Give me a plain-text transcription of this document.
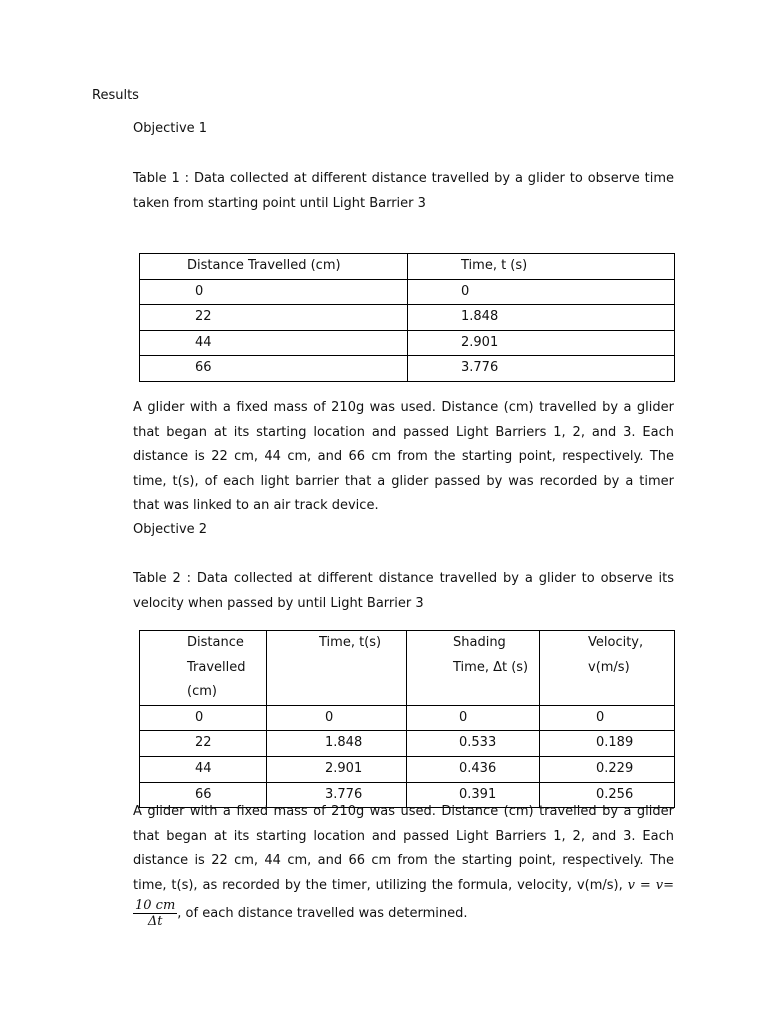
Results
Objective 1

Table 1 : Data collected at different distance travelled by a glider to observe time taken from starting point until Light Barrier 3

Distance Travelled (cm)	Time, t (s)
0	0
22	1.848
44	2.901
66	3.776

A glider with a fixed mass of 210g was used. Distance (cm) travelled by a glider that began at its starting location and passed Light Barriers 1, 2, and 3. Each distance is 22 cm, 44 cm, and 66 cm from the starting point, respectively. The time, t(s), of each light barrier that a glider passed by was recorded by a timer that was linked to an air track device.

Objective 2

Table 2 : Data collected at different distance travelled by a glider to observe its velocity when passed by until Light Barrier 3

Distance Travelled (cm)	Time, t(s)	Shading Time, Δt (s)	Velocity, v(m/s)
0	0	0	0
22	1.848	0.533	0.189
44	2.901	0.436	0.229
66	3.776	0.391	0.256

A glider with a fixed mass of 210g was used. Distance (cm) travelled by a glider that began at its starting location and passed Light Barriers 1, 2, and 3. Each distance is 22 cm, 44 cm, and 66 cm from the starting point, respectively. The time, t(s), as recorded by the timer, utilizing the formula, velocity, v(m/s), v = v=
$\frac{10 cm}{\Delta t}$ , of each distance travelled was determined.
